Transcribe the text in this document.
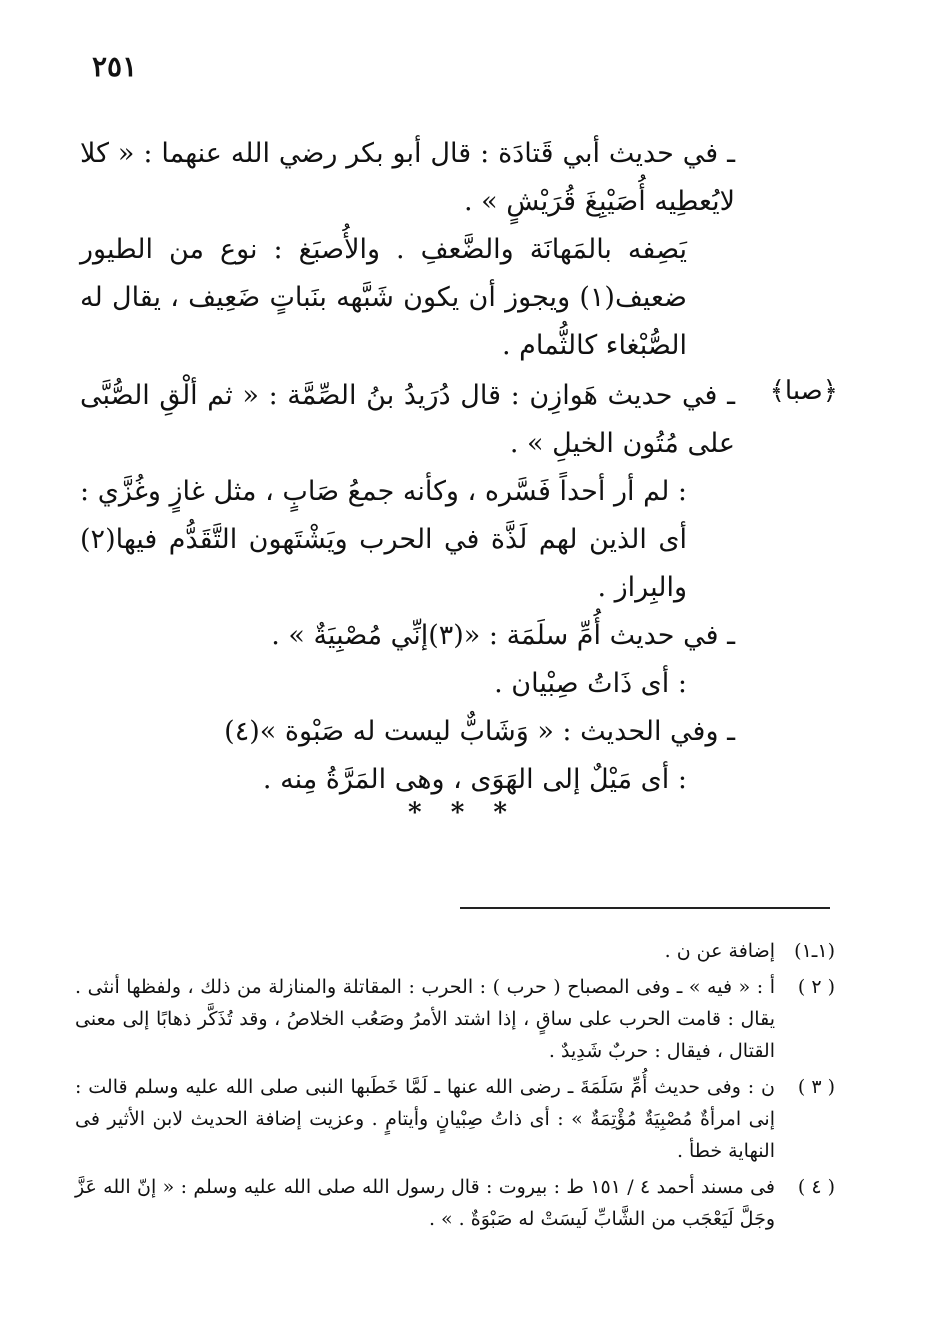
٢٥١
﴿صبا﴾

ـ في حديث أبي قَتادَة : قال أبو بكر رضي الله عنهما : « كلا لايُعطِيه أُصَيْبِغَ قُرَيْشٍ » .

يَصِفه بالمَهانَة والضَّعفِ . والأُصبَغ : نوع من الطيور ضعيف(١) ويجوز أن يكون شَبَّهه بنَباتٍ ضَعِيف ، يقال له الصُّبْغاء كالثُّمام .

ـ في حديث هَوازِن : قال دُرَيدُ بنُ الصِّمَّة : « ثم ألْقِ الصُّبَّى على مُتُون الخيلِ » .

: لم أر أحداً فَسَّره ، وكأنه جمعُ صَابٍ ، مثل غازٍ وغُزَّي : أى الذين لهم لَذَّة في الحرب ويَشْتَهون التَّقَدُّم فيها(٢) والبِراز .

ـ في حديث أُمِّ سلَمَة : «(٣)إنِّي مُصْبِيَةٌ » .

: أى ذَاتُ صِبْيان .

ـ وفي الحديث : « وَشَابٌّ ليست له صَبْوة »(٤)

: أى مَيْلٌ إلى الهَوَى ، وهى المَرَّةُ مِنه .

* * *
(١ـ١)
إضافة عن ن .
( ٢ )
أ : « فيه » ـ وفى المصباح ( حرب ) : الحرب : المقاتلة والمنازلة من ذلك ، ولفظها أنثى . يقال : قامت الحرب على ساقٍ ، إذا اشتد الأمرُ وصَعُب الخلاصُ ، وقد تُذَكَّر ذهابًا إلى معنى القتال ، فيقال : حربٌ شَدِيدٌ .
( ٣ )
ن : وفى حديث أُمِّ سَلَمَةَ ـ رضى الله عنها ـ لَمَّا خَطَبها النبى صلى الله عليه وسلم قالت : إنى امرأةٌ مُصْبِيَةٌ مُؤْتِمَةٌ » : أى ذاتُ صِبْيانٍ وأيتامٍ . وعزيت إضافة الحديث لابن الأثير فى النهاية خطأ .
( ٤ )
فى مسند أحمد ٤ / ١٥١ ط : بيروت : قال رسول الله صلى الله عليه وسلم : « إنّ الله عَزَّ وجَلَّ لَيَعْجَب من الشَّابِّ لَيسَتْ له صَبْوَةٌ . » .
